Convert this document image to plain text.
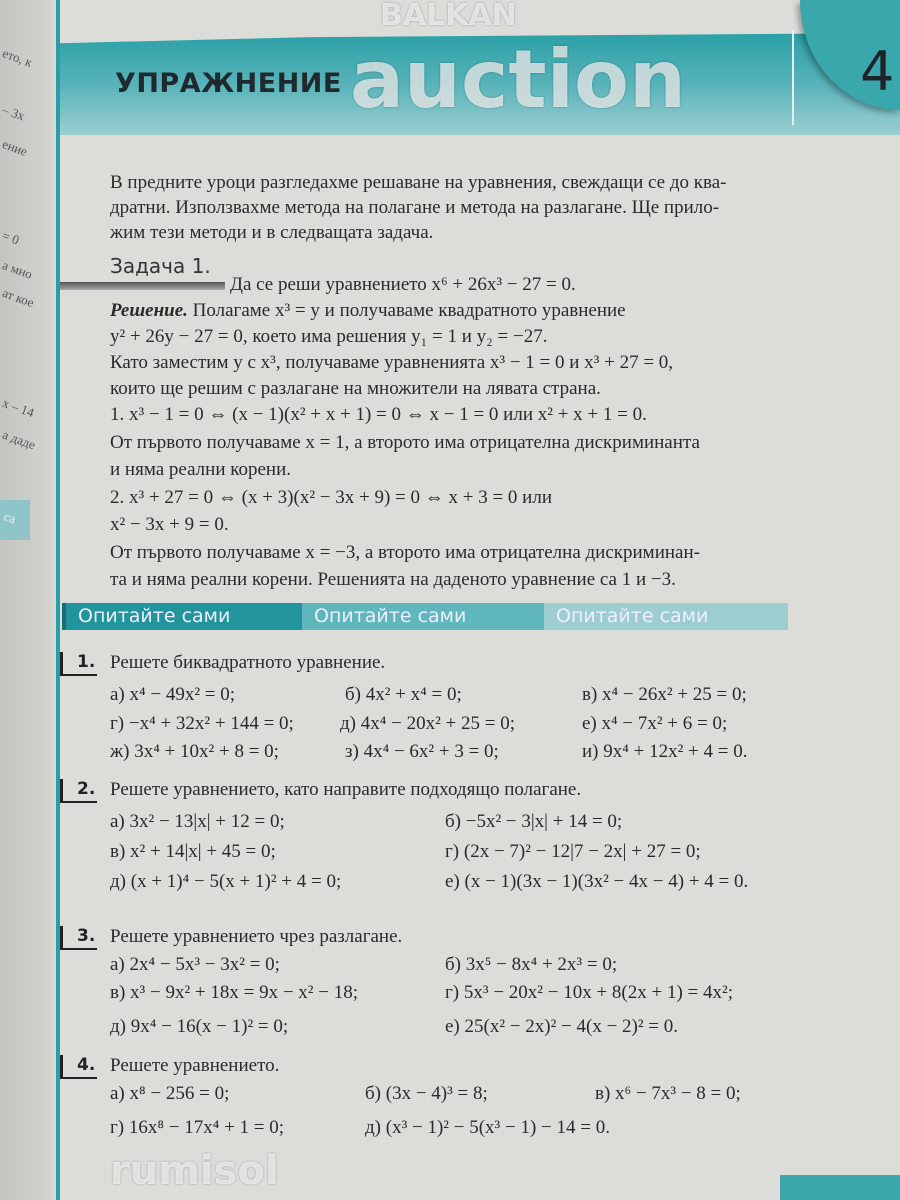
ето, к
– 3x
ение
= 0
а мно
ат кое
x – 14
а даде
са
УПРАЖНЕНИЕ	4
В предните уроци разгледахме решаване на уравнения, свеждащи се до ква-
дратни. Използвахме метода на полагане и метода на разлагане. Ще прило-
жим тези методи и в следващата задача.
Задача 1.
Да се реши уравнението x⁶ + 26x³ − 27 = 0.
Решение. Полагаме x³ = y и получаваме квадратното уравнение
y² + 26y − 27 = 0, което има решения y₁ = 1 и y₂ = −27.
Като заместим y с x³, получаваме уравненията x³ − 1 = 0 и x³ + 27 = 0,
които ще решим с разлагане на множители на лявата страна.
1. x³ − 1 = 0 ⇔ (x − 1)(x² + x + 1) = 0 ⇔ x − 1 = 0 или x² + x + 1 = 0.
От първото получаваме x = 1, а второто има отрицателна дискриминанта
и няма реални корени.
2. x³ + 27 = 0 ⇔ (x + 3)(x² − 3x + 9) = 0 ⇔ x + 3 = 0 или
x² − 3x + 9 = 0.
От първото получаваме x = −3, а второто има отрицателна дискриминан-
та и няма реални корени. Решенията на даденото уравнение са 1 и −3.
Опитайте сами	Опитайте сами	Опитайте сами
1. Решете биквадратното уравнение.
а) x⁴ − 49x² = 0;	б) 4x² + x⁴ = 0;	в) x⁴ − 26x² + 25 = 0;
г) −x⁴ + 32x² + 144 = 0; д) 4x⁴ − 20x² + 25 = 0;	е) x⁴ − 7x² + 6 = 0;
ж) 3x⁴ + 10x² + 8 = 0;	з) 4x⁴ − 6x² + 3 = 0;	и) 9x⁴ + 12x² + 4 = 0.
2. Решете уравнението, като направите подходящо полагане.
а) 3x² − 13|x| + 12 = 0;	б) −5x² − 3|x| + 14 = 0;
в) x² + 14|x| + 45 = 0;	г) (2x − 7)² − 12|7 − 2x| + 27 = 0;
д) (x + 1)⁴ − 5(x + 1)² + 4 = 0;	е) (x − 1)(3x − 1)(3x² − 4x − 4) + 4 = 0.
3. Решете уравнението чрез разлагане.
а) 2x⁴ − 5x³ − 3x² = 0;	б) 3x⁵ − 8x⁴ + 2x³ = 0;
в) x³ − 9x² + 18x = 9x − x² − 18;	г) 5x³ − 20x² − 10x + 8(2x + 1) = 4x²;
д) 9x⁴ − 16(x − 1)² = 0;	е) 25(x² − 2x)² − 4(x − 2)² = 0.
4. Решете уравнението.
а) x⁸ − 256 = 0;	б) (3x − 4)³ = 8;	в) x⁶ − 7x³ − 8 = 0;
г) 16x⁸ − 17x⁴ + 1 = 0;	д) (x³ − 1)² − 5(x³ − 1) − 14 = 0.
BALKAN
auction
rumisol
